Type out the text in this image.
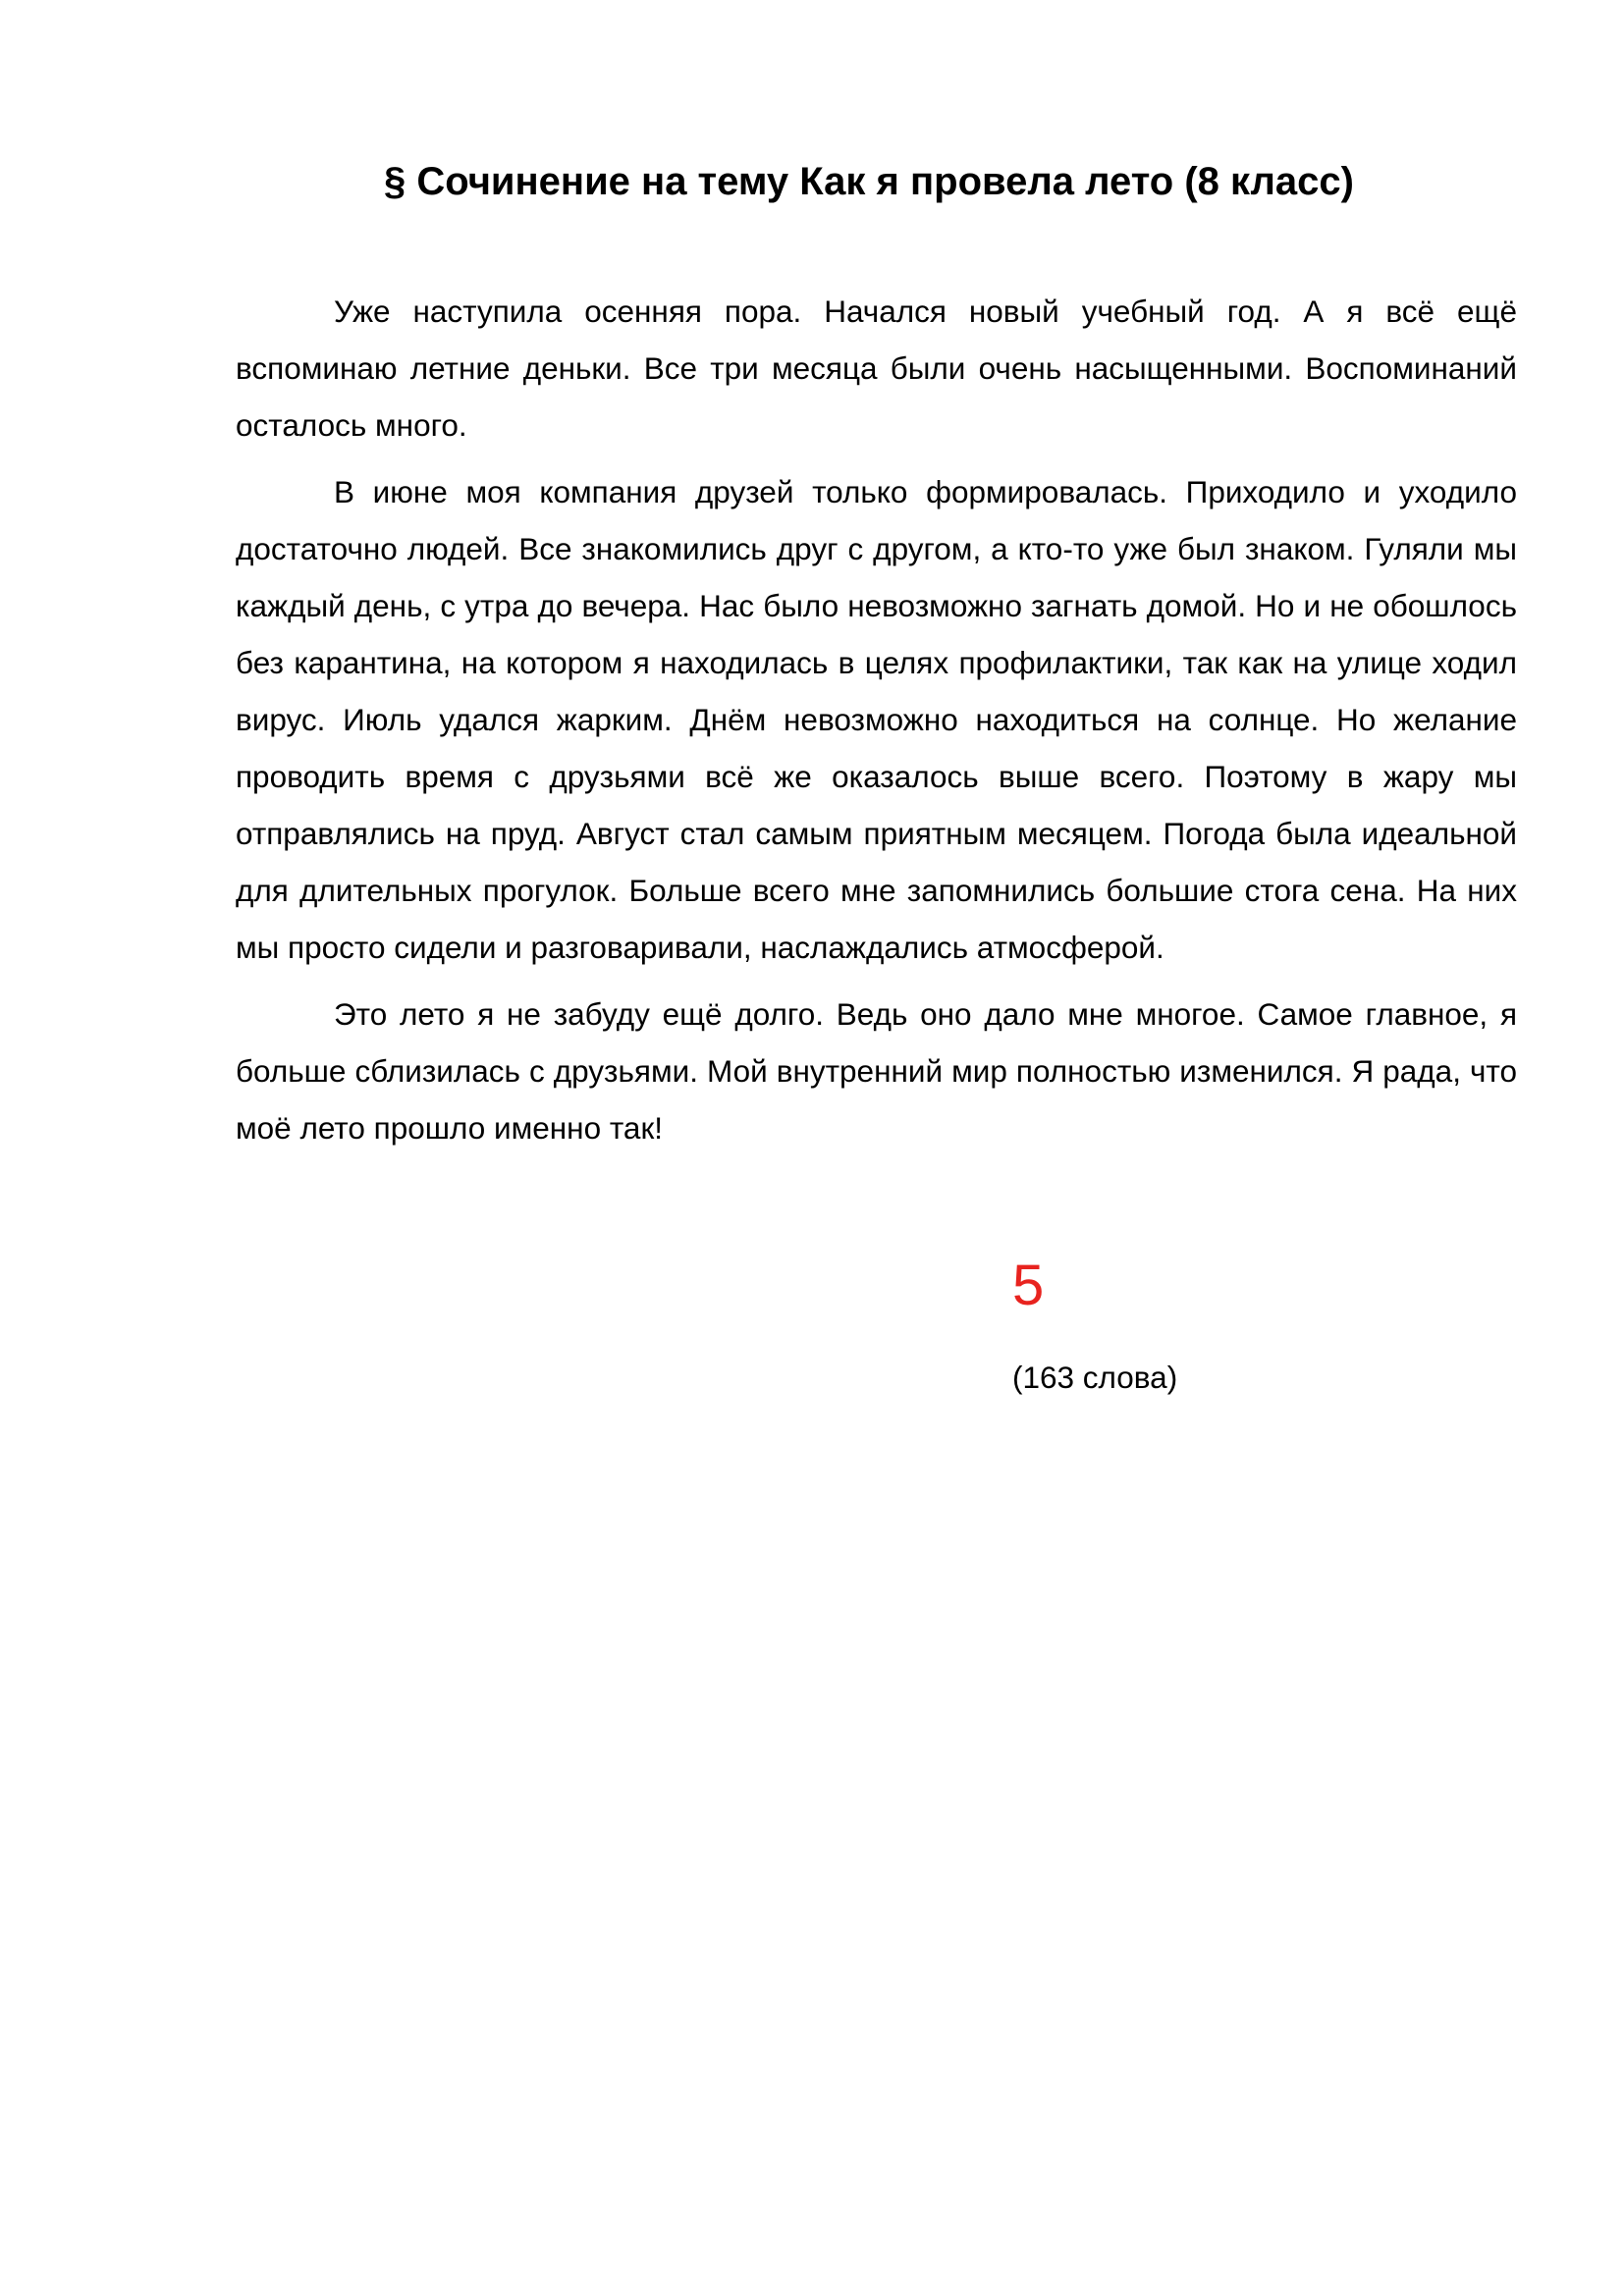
§ Сочинение на тему Как я провела лето (8 класс)

Уже наступила осенняя пора. Начался новый учебный год. А я всё ещё вспоминаю летние деньки. Все три месяца были очень насыщенными. Воспоминаний осталось много.

В июне моя компания друзей только формировалась. Приходило и уходило достаточно людей. Все знакомились друг с другом, а кто-то уже был знаком. Гуляли мы каждый день, с утра до вечера. Нас было невозможно загнать домой. Но и не обошлось без карантина, на котором я находилась в целях профилактики, так как на улице ходил вирус. Июль удался жарким. Днём невозможно находиться на солнце. Но желание проводить время с друзьями всё же оказалось выше всего. Поэтому в жару мы отправлялись на пруд. Август стал самым приятным месяцем. Погода была идеальной для длительных прогулок. Больше всего мне запомнились большие стога сена. На них мы просто сидели и разговаривали, наслаждались атмосферой.

Это лето я не забуду ещё долго. Ведь оно дало мне многое. Самое главное, я больше сблизилась с друзьями. Мой внутренний мир полностью изменился. Я рада, что моё лето прошло именно так!

5
(163 слова)
